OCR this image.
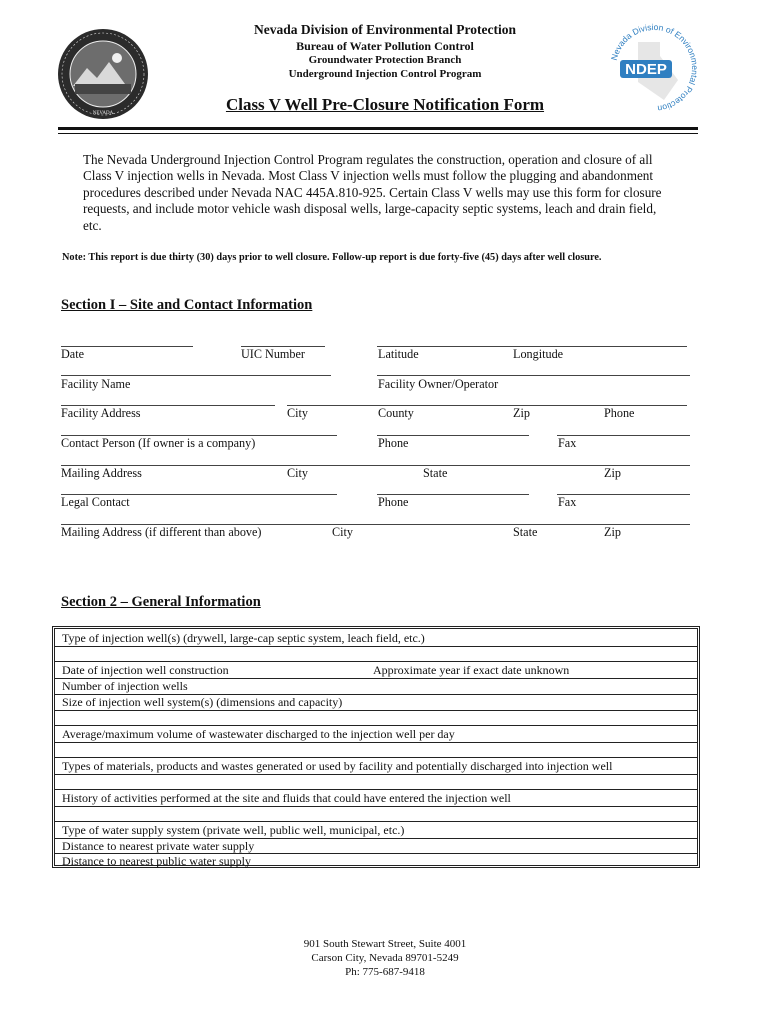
NEVADA
NDEP
Nevada Division of Environmental Protection
Nevada Division of Environmental Protection
Bureau of Water Pollution Control
Groundwater Protection Branch
Underground Injection Control Program
Class V Well Pre-Closure Notification Form
The Nevada Underground Injection Control Program regulates the construction, operation and closure of all Class V injection wells in Nevada. Most Class V injection wells must follow the plugging and abandonment procedures described under Nevada NAC 445A.810-925. Certain Class V wells may use this form for closure requests, and include motor vehicle wash disposal wells, large-capacity septic systems, leach and drain field, etc.
Note: This report is due thirty (30) days prior to well closure. Follow-up report is due forty-five (45) days after well closure.
Section I – Site and Contact Information
Date	UIC Number	Latitude	Longitude
Facility Name	Facility Owner/Operator
Facility Address	City	County	Zip	Phone
Contact Person (If owner is a company)	Phone	Fax
Mailing Address	City	State	Zip
Legal Contact	Phone	Fax
Mailing Address (if different than above)	City	State	Zip
Section 2 – General Information
Type of injection well(s) (drywell, large-cap septic system, leach field, etc.)
Date of injection well construction	Approximate year if exact date unknown
Number of injection wells
Size of injection well system(s) (dimensions and capacity)
Average/maximum volume of wastewater discharged to the injection well per day
Types of materials, products and wastes generated or used by facility and potentially discharged into injection well
History of activities performed at the site and fluids that could have entered the injection well
Type of water supply system (private well, public well, municipal, etc.)
Distance to nearest private water supply
Distance to nearest public water supply
901 South Stewart Street, Suite 4001
Carson City, Nevada 89701-5249
Ph: 775-687-9418
